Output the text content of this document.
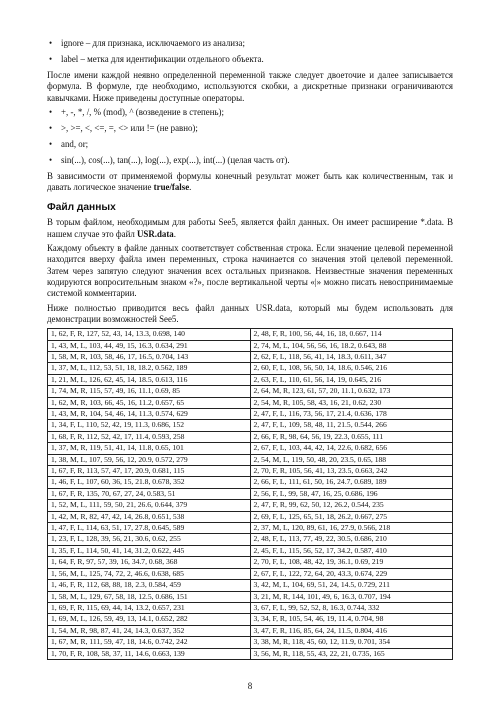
• ignore – для признака, исключаемого из анализа;
• label – метка для идентификации отдельного объекта.

После имени каждой неявно определенной переменной также следует двоеточие и далее записывается формула. В формуле, где необходимо, используются скобки, а дискретные признаки ограничиваются кавычками. Ниже приведены доступные операторы.

• +, -, *, /, % (mod), ^ (возведение в степень);
• >, >=, <, <=, =, <> или != (не равно);
• and, or;
• sin(...), cos(...), tan(...), log(...), exp(...), int(...) (целая часть от).

В зависимости от применяемой формулы конечный результат может быть как количественным, так и давать логическое значение true/false.

Файл данных

В торым файлом, необходимым для работы See5, является файл данных. Он имеет расширение *.data. В нашем случае это файл USR.data.

Каждому объекту в файле данных соответствует собственная строка. Если значение целевой переменной находится вверху файла имен переменных, строка начинается со значения этой целевой переменной. Затем через запятую следуют значения всех остальных признаков. Неизвестные значения переменных кодируются вопросительным знаком «?», после вертикальной черты «|» можно писать невоспринимаемые системой комментарии.

Ниже полностью приводится весь файл данных USR.data, который мы будем использовать для демонстрации возможностей See5.

1, 62, F, R, 127, 52, 43, 14, 13.3, 0.698, 140	2, 48, F, R, 100, 56, 44, 16, 18, 0.667, 114
1, 43, M, L, 103, 44, 49, 15, 16.3, 0.634, 291	2, 74, M, L, 104, 56, 56, 16, 18.2, 0.643, 88
1, 58, M, R, 103, 58, 46, 17, 16.5, 0.704, 143	2, 62, F, L, 118, 56, 41, 14, 18.3, 0.611, 347
1, 37, M, L, 112, 53, 51, 18, 18.2, 0.562, 189	2, 60, F, L, 108, 56, 50, 14, 18.6, 0.546, 216
1, 21, M, L, 126, 62, 45, 14, 18.5, 0.613, 116	2, 63, F, L, 110, 61, 56, 14, 19, 0.645, 216
1, 74, M, R, 115, 57, 49, 16, 11.1, 0.69, 85	2, 64, M, R, 123, 61, 57, 20, 11.1, 0.632, 173
1, 62, M, R, 103, 66, 45, 16, 11.2, 0.657, 65	2, 54, M, R, 105, 58, 43, 16, 21, 0.62, 230
1, 43, M, R, 104, 54, 46, 14, 11.3, 0.574, 629	2, 47, F, L, 116, 73, 56, 17, 21.4, 0.636, 178
1, 34, F, L, 110, 52, 42, 19, 11.3, 0.686, 152	2, 47, F, L, 109, 58, 48, 11, 21.5, 0.544, 266
1, 68, F, R, 112, 52, 42, 17, 11.4, 0.593, 258	2, 66, F, R, 98, 64, 56, 19, 22.3, 0.655, 111
1, 37, M, R, 119, 51, 41, 14, 11.8, 0.65, 101	2, 67, F, L, 103, 44, 42, 14, 22.6, 0.682, 656
1, 38, M, L, 107, 59, 56, 12, 20.9, 0.572, 279	2, 54, M, L, 119, 50, 48, 20, 23.5, 0.65, 188
1, 67, F, R, 113, 57, 47, 17, 20.9, 0.681, 115	2, 70, F, R, 105, 56, 41, 13, 23.5, 0.663, 242
1, 46, F, L, 107, 60, 36, 15, 21.8, 0.678, 352	2, 66, F, L, 111, 61, 50, 16, 24.7, 0.689, 189
1, 67, F, R, 135, 70, 67, 27, 24, 0.583, 51	2, 56, F, L, 99, 58, 47, 16, 25, 0.686, 196
1, 52, M, L, 111, 59, 50, 21, 26.6, 0.644, 379	2, 47, F, R, 99, 62, 50, 12, 26.2, 0.544, 235
1, 42, M, R, 82, 47, 42, 14, 26.8, 0.651, 538	2, 69, F, L, 125, 65, 51, 18, 26.2, 0.667, 275
1, 47, F, L, 114, 63, 51, 17, 27.8, 0.645, 589	2, 37, M, L, 120, 89, 61, 16, 27.9, 0.566, 218
1, 23, F, L, 128, 39, 56, 21, 30.6, 0.62, 255	2, 48, F, L, 113, 77, 49, 22, 30.5, 0.686, 210
1, 35, F, L, 114, 50, 41, 14, 31.2, 0.622, 445	2, 45, F, L, 115, 56, 52, 17, 34.2, 0.587, 410
1, 64, F, R, 97, 57, 39, 16, 34.7, 0.68, 368	2, 70, F, L, 108, 48, 42, 19, 36.1, 0.69, 219
1, 56, M, L, 125, 74, 72, 2, 46.6, 0.638, 685	2, 67, F, L, 122, 72, 64, 20, 43.3, 0.674, 229
1, 46, F, R, 112, 68, 88, 18, 2.3, 0.584, 459	3, 42, M, L, 104, 69, 51, 24, 14.5, 0.729, 211
1, 58, M, L, 129, 67, 58, 18, 12.5, 0.686, 151	3, 21, M, R, 144, 101, 49, 6, 16.3, 0.707, 194
1, 69, F, R, 115, 69, 44, 14, 13.2, 0.657, 231	3, 67, F, L, 99, 52, 52, 8, 16.3, 0.744, 332
1, 69, M, L, 126, 59, 49, 13, 14.1, 0.652, 282	3, 34, F, R, 105, 54, 46, 19, 11.4, 0.704, 98
1, 54, M, R, 98, 87, 41, 24, 14.3, 0.637, 352	3, 47, F, R, 116, 85, 64, 24, 11.5, 0.804, 416
1, 67, M, R, 111, 59, 47, 18, 14.6, 0.742, 242	3, 38, M, R, 118, 45, 60, 12, 11.9, 0.701, 354
1, 70, F, R, 108, 58, 37, 11, 14.6, 0.663, 139	3, 56, M, R, 118, 55, 43, 22, 21, 0.735, 165
8
